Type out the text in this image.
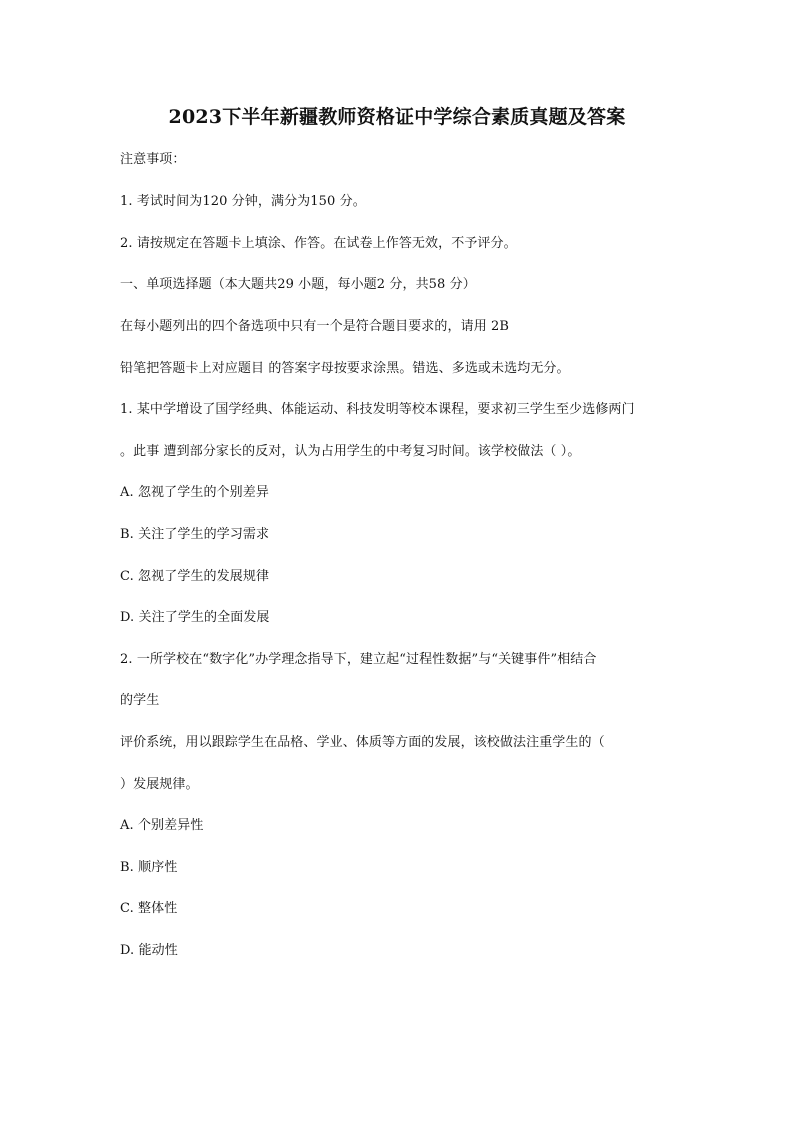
2023下半年新疆教师资格证中学综合素质真题及答案
注意事项：
1. 考试时间为120 分钟，满分为150 分。
2. 请按规定在答题卡上填涂、作答。在试卷上作答无效，不予评分。
一、单项选择题（本大题共29 小题，每小题2 分，共58 分）
在每小题列出的四个备选项中只有一个是符合题目要求的，请用 2B
铅笔把答题卡上对应题目 的答案字母按要求涂黑。错选、多选或未选均无分。
1. 某中学增设了国学经典、体能运动、科技发明等校本课程，要求初三学生至少选修两门
。此事 遭到部分家长的反对，认为占用学生的中考复习时间。该学校做法（ ）。
A. 忽视了学生的个别差异
B. 关注了学生的学习需求
C. 忽视了学生的发展规律
D. 关注了学生的全面发展
2. 一所学校在“数字化”办学理念指导下，建立起“过程性数据”与“关键事件”相结合
的学生
评价系统，用以跟踪学生在品格、学业、体质等方面的发展，该校做法注重学生的（
）发展规律。
A. 个别差异性
B. 顺序性
C. 整体性
D. 能动性
